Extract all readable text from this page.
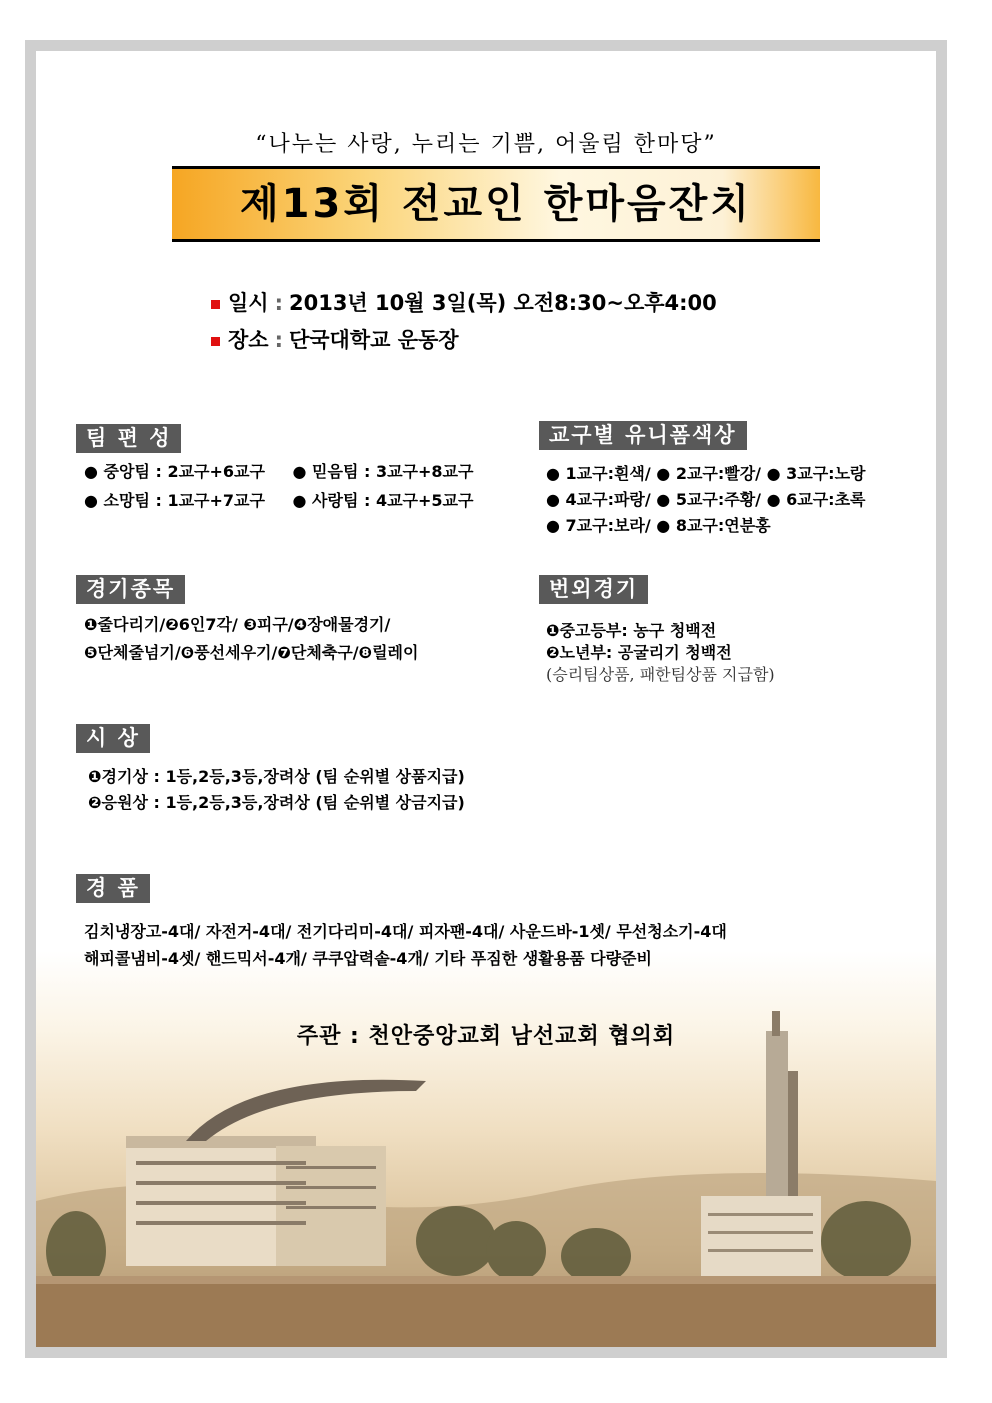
“나누는 사랑, 누리는 기쁨, 어울림 한마당”
제13회 전교인 한마음잔치
일시 : 2013년 10월 3일(목) 오전8:30~오후4:00
장소 : 단국대학교 운동장
팀 편 성
● 중앙팀 : 2교구+6교구 ● 믿음팀 : 3교구+8교구
● 소망팀 : 1교구+7교구 ● 사랑팀 : 4교구+5교구
교구별 유니폼색상
● 1교구:흰색/ ● 2교구:빨강/ ● 3교구:노랑
● 4교구:파랑/ ● 5교구:주황/ ● 6교구:초록
● 7교구:보라/ ● 8교구:연분홍
경기종목
❶줄다리기/❷6인7각/ ❸피구/❹장애물경기/
❺단체줄넘기/❻풍선세우기/❼단체축구/❽릴레이
번외경기
❶중고등부: 농구 청백전
❷노년부: 공굴리기 청백전
(승리팀상품, 패한팀상품 지급함)
시 상
❶경기상 : 1등,2등,3등,장려상 (팀 순위별 상품지급)
❷응원상 : 1등,2등,3등,장려상 (팀 순위별 상금지급)
경 품
김치냉장고-4대/ 자전거-4대/ 전기다리미-4대/ 피자팬-4대/ 사운드바-1셋/ 무선청소기-4대
해피콜냄비-4셋/ 핸드믹서-4개/ 쿠쿠압력솥-4개/ 기타 푸짐한 생활용품 다량준비
주관 : 천안중앙교회 남선교회 협의회
